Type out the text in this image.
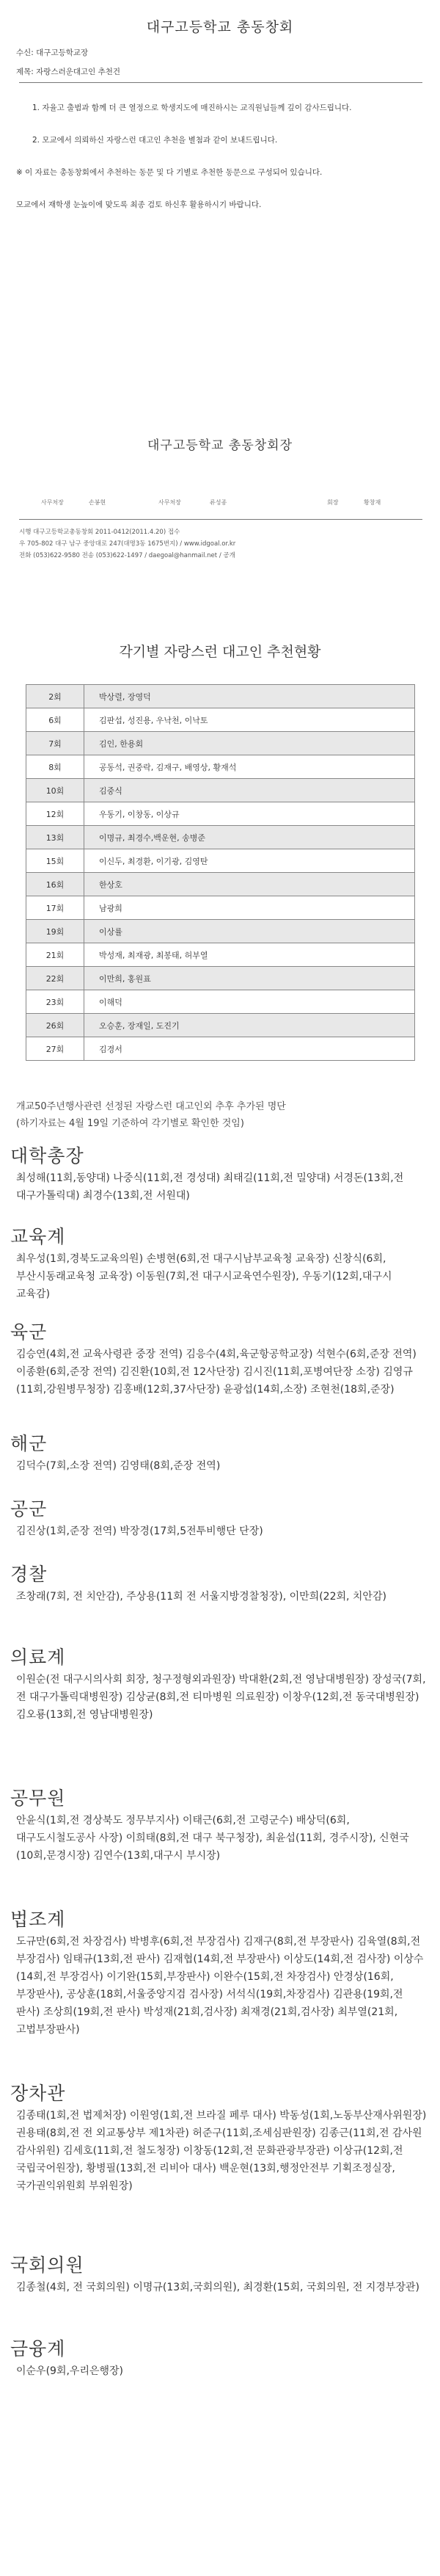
대구고등학교 총동창회
수신: 대구고등학교장
제목: 자랑스러운대고인 추천건
1. 자율고 출범과 함께 더 큰 열정으로 학생지도에 매진하시는 교직원님들께 깊이 감사드립니다.
2. 모교에서 의뢰하신 자랑스런 대고인 추천을 별첨과 같이 보내드립니다.
※ 이 자료는 총동창회에서 추천하는 동문 및 다 기별로 추천한 동문으로 구성되어 있습니다.
모교에서 재학생 눈높이에 맞도록 최종 검토 하신후 활용하시기 바랍니다.
대구고등학교 총동창회장
사무처장	손봉현	사무처장	류성종	회장	황창재
시행 대구고등학교총동창회 2011-0412(2011.4.20) 접수
우 705-802 대구 남구 중앙대로 247(대명3동 1675번지) / www.idgoal.or.kr
전화 (053)622-9580 전송 (053)622-1497 / daegoal@hanmail.net / 공개
각기별 자랑스런 대고인 추천현황
2회	박상렬, 장영덕
6회	김판섭, 성진용, 우낙천, 이낙토
7회	김인, 한용회
8회	공동석, 권중락, 김재구, 배영상, 황재석
10회	김중식
12회	우동기, 이창동, 이상규
13회	이명규, 최경수,백운현, 송병준
15회	이신두, 최경환, 이기광, 김영탄
16회	한상호
17회	남광희
19회	이상률
21회	박성재, 최재광, 최봉태, 허부열
22회	이만희, 홍원표
23회	이해덕
26회	오승훈, 장재일, 도진기
27회	김경서
개교50주년행사관련 선정된 자랑스런 대고인외 추후 추가된 명단
(하기자료는 4월 19일 기준하여 각기별로 확인한 것임)
대학총장
최성해(11회,동양대) 나중식(11회,전 경성대) 최태길(11회,전 밀양대) 서경돈(13회,전 대구가톨릭대) 최경수(13회,전 서원대)
교육계
최우성(1회,경북도교육의원) 손병현(6회,전 대구시남부교육청 교육장) 신창식(6회,부산시동래교육청 교육장) 이동원(7회,전 대구시교육연수원장), 우동기(12회,대구시 교육감)
육군
김승연(4회,전 교육사령관 중장 전역) 김응수(4회,육군항공학교장) 석현수(6회,준장 전역) 이종환(6회,준장 전역) 김진환(10회,전 12사단장) 김시진(11회,포병여단장 소장) 김영규(11회,강원병무청장) 김홍배(12회,37사단장) 윤광섭(14회,소장) 조현천(18회,준장)
해군
김덕수(7회,소장 전역) 김영태(8회,준장 전역)
공군
김진상(1회,준장 전역) 박장경(17회,5전투비행단 단장)
경찰
조창래(7회, 전 치안감), 주상용(11회 전 서울지방경찰청장), 이만희(22회, 치안감)
의료계
이원순(전 대구시의사회 회장, 청구정형외과원장) 박대환(2회,전 영남대병원장) 장성국(7회,전 대구가톨릭대병원장) 김상균(8회,전 티마병원 의료원장) 이창우(12회,전 동국대병원장) 김오룡(13회,전 영남대병원장)
공무원
안윤식(1회,전 경상북도 정무부지사) 이태근(6회,전 고령군수) 배상덕(6회,대구도시철도공사 사장) 이희태(8회,전 대구 북구청장), 최윤섭(11회, 경주시장), 신현국(10회,문경시장) 김연수(13회,대구시 부시장)
법조계
도규만(6회,전 차장검사) 박병후(6회,전 부장검사) 김재구(8회,전 부장판사) 김육열(8회,전 부장검사) 임태규(13회,전 판사) 김재협(14회,전 부장판사) 이상도(14회,전 검사장) 이상수(14회,전 부장검사) 이기완(15회,부장판사) 이완수(15회,전 차장검사) 안경상(16회,부장판사), 공상훈(18회,서울중앙지검 검사장) 서석식(19회,차장검사) 김관용(19회,전 판사) 조상희(19회,전 판사) 박성재(21회,검사장) 최재경(21회,검사장) 최부열(21회,고법부장판사)
장차관
김종태(1회,전 법제처장) 이원영(1회,전 브라질 페루 대사) 박동성(1회,노동부산재사위원장) 권용태(8회,전 전 외교통상부 제1차관) 허준구(11회,조세심판원장) 김종근(11회,전 감사원 감사위원) 김세호(11회,전 철도청장) 이창동(12회,전 문화관광부장관) 이상규(12회,전 국립국어원장), 황병필(13회,전 리비아 대사) 백운현(13회,행정안전부 기획조정실장, 국가권익위원회 부위원장)
국회의원
김종철(4회, 전 국회의원) 이명규(13회,국회의원), 최경환(15회, 국회의원, 전 지경부장관)
금융계
이순우(9회,우리은행장)
